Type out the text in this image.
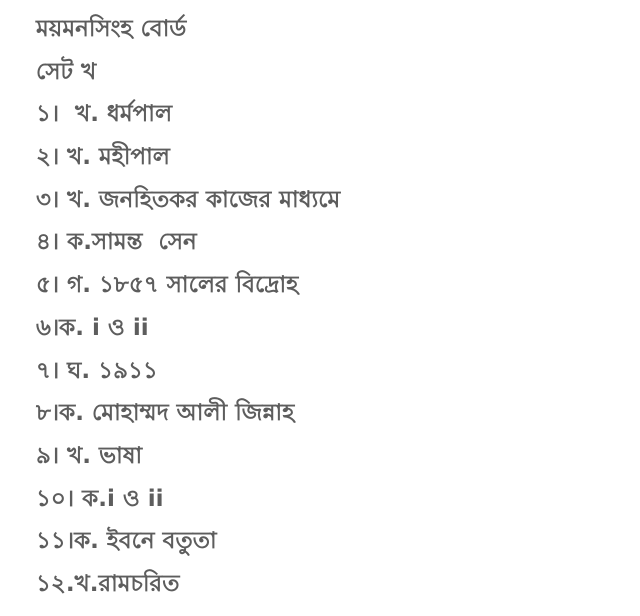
ময়মনসিংহ বোর্ড
সেট খ
১।  খ. ধর্মপাল
২। খ. মহীপাল
৩। খ. জনহিতকর কাজের মাধ্যমে
৪। ক.সামন্ত  সেন
৫। গ. ১৮৫৭ সালের বিদ্রোহ
৬।ক. i ও ii
৭। ঘ. ১৯১১
৮।ক. মোহাম্মদ আলী জিন্নাহ
৯। খ. ভাষা
১০। ক.i ও ii
১১।ক. ইবনে বতুতা
১২.খ.রামচরিত
